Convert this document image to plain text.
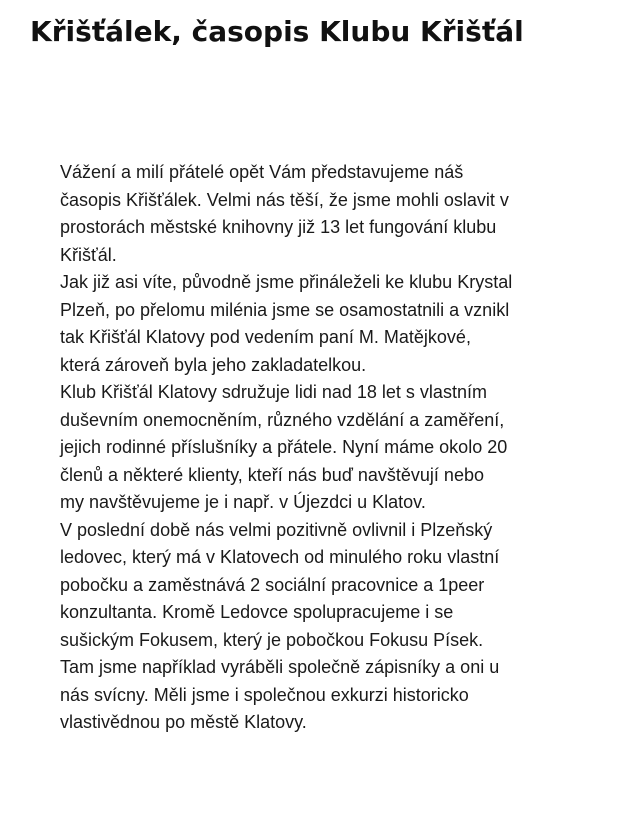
Křišťálek, časopis Klubu Křišťál
Vážení a milí přátelé opět Vám představujeme náš
časopis Křišťálek. Velmi nás těší, že jsme mohli oslavit v
prostorách městské knihovny již 13 let fungování klubu
Křišťál.
Jak již asi víte, původně jsme přináleželi ke klubu Krystal
Plzeň, po přelomu milénia jsme se osamostatnili a vznikl
tak Křišťál Klatovy pod vedením paní M. Matějkové,
která zároveň byla jeho zakladatelkou.
Klub Křišťál Klatovy sdružuje lidi nad 18 let s vlastním
duševním onemocněním, různého vzdělání a zaměření,
jejich rodinné příslušníky a přátele. Nyní máme okolo 20
členů a některé klienty, kteří nás buď navštěvují nebo
my navštěvujeme je i např. v Újezdci u Klatov.
V poslední době nás velmi pozitivně ovlivnil i Plzeňský
ledovec, který má v Klatovech od minulého roku vlastní
pobočku a zaměstnává 2 sociální pracovnice a 1peer
konzultanta. Kromě Ledovce spolupracujeme i se
sušickým Fokusem, který je pobočkou Fokusu Písek.
Tam jsme například vyráběli společně zápisníky a oni u
nás svícny. Měli jsme i společnou exkurzi historicko
vlastivědnou po městě Klatovy.
